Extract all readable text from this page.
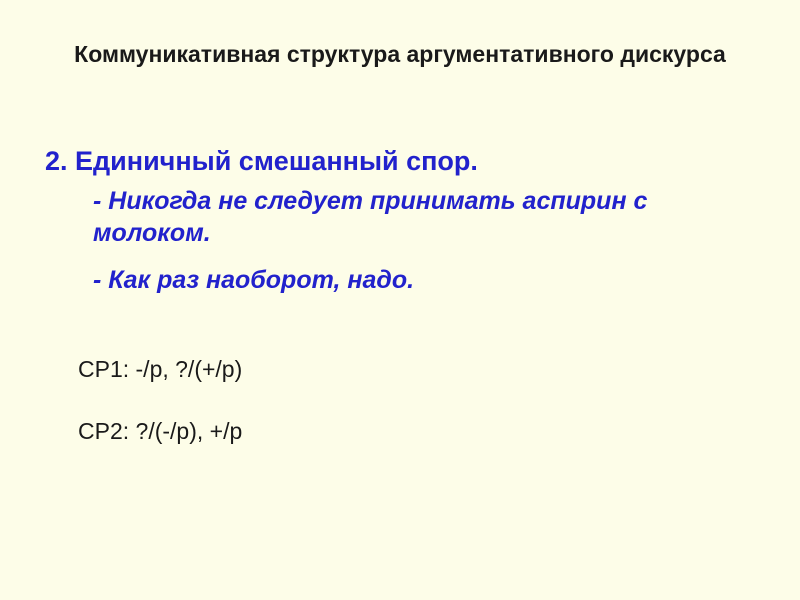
Коммуникативная структура аргументативного дискурса
2. Единичный смешанный спор.
- Никогда не следует принимать аспирин с молоком.
- Как раз наоборот, надо.
CP1: -/p, ?/(+/p)
CP2: ?/(-/p), +/p
